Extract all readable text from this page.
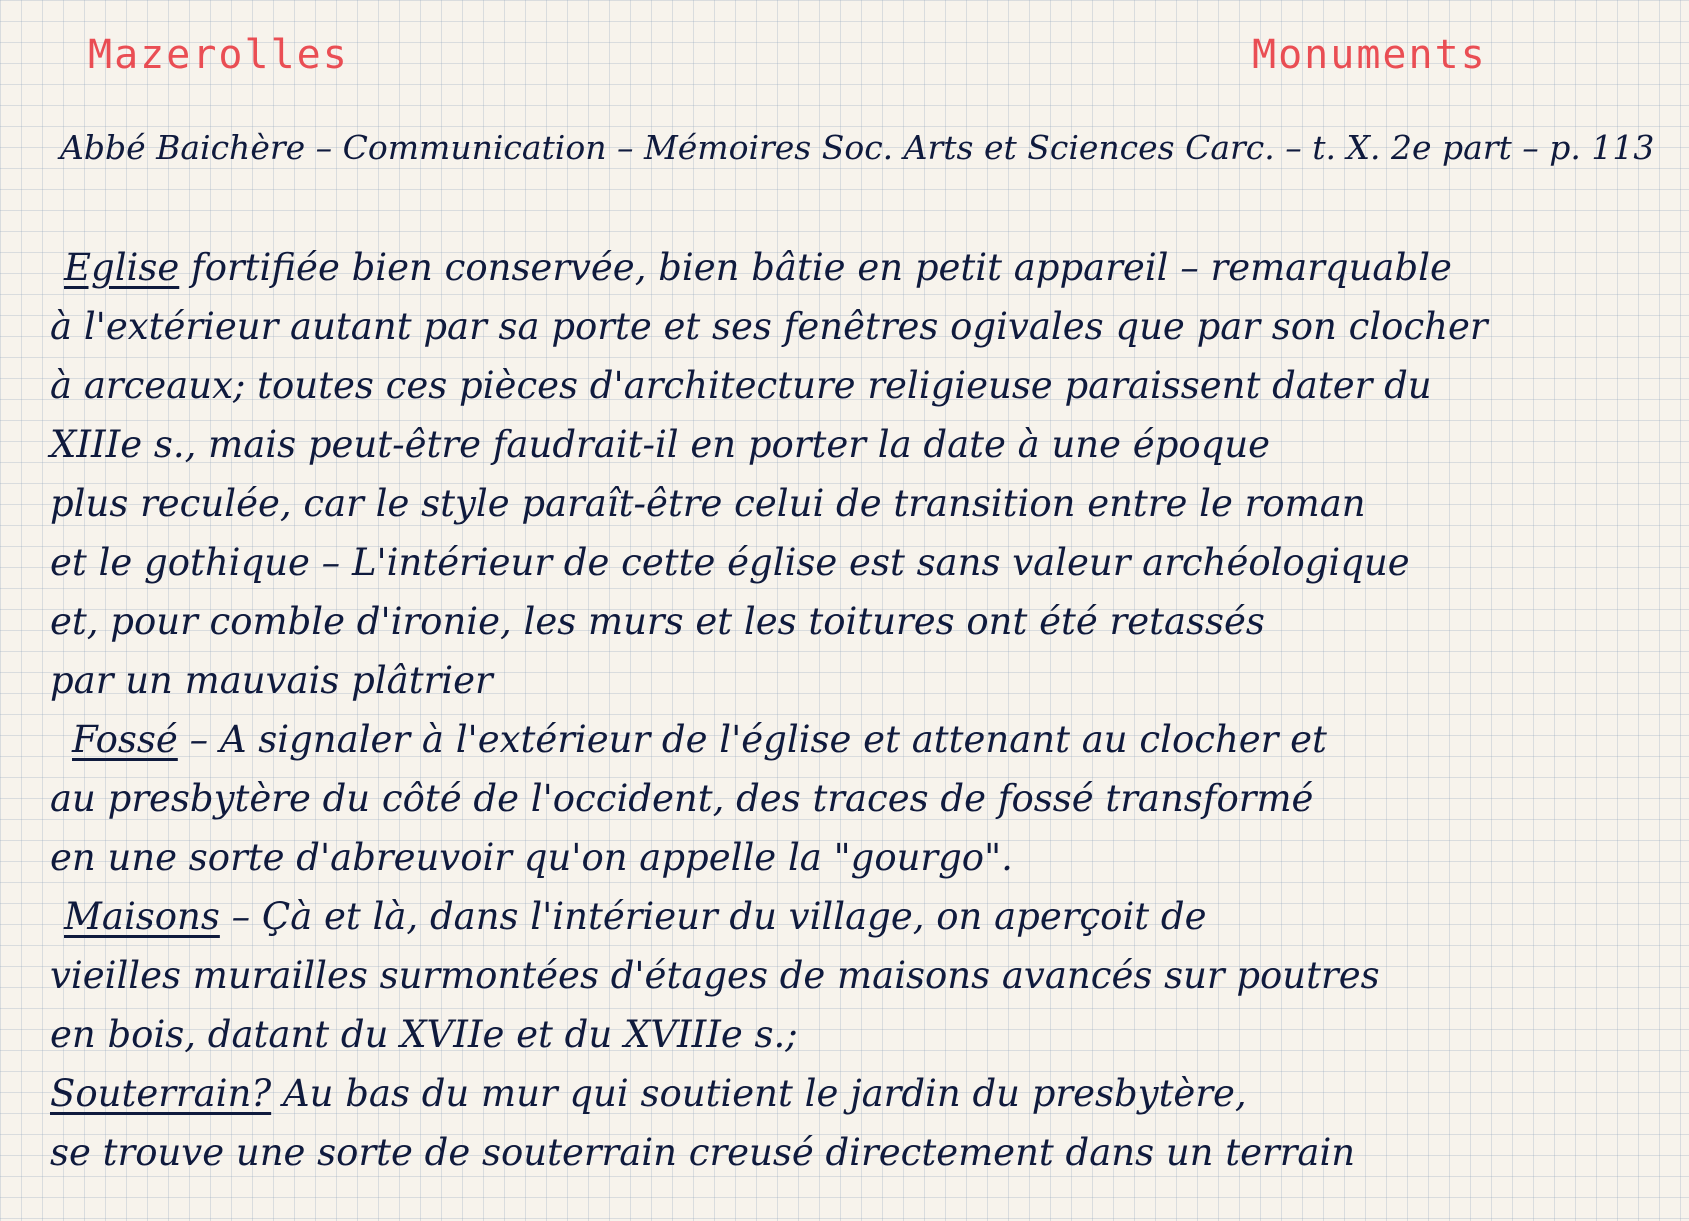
Mazerolles	Monuments
Abbé Baichère – Communication – Mémoires Soc. Arts et Sciences Carc. – t. X. 2e part – p. 113
Eglise fortifiée bien conservée, bien bâtie en petit appareil – remarquable
à l'extérieur autant par sa porte et ses fenêtres ogivales que par son clocher
à arceaux; toutes ces pièces d'architecture religieuse paraissent dater du
XIIIe s., mais peut-être faudrait-il en porter la date à une époque
plus reculée, car le style paraît-être celui de transition entre le roman
et le gothique – L'intérieur de cette église est sans valeur archéologique
et, pour comble d'ironie, les murs et les toitures ont été retassés
par un mauvais plâtrier
Fossé – A signaler à l'extérieur de l'église et attenant au clocher et
au presbytère du côté de l'occident, des traces de fossé transformé
en une sorte d'abreuvoir qu'on appelle la "gourgo".
Maisons – Çà et là, dans l'intérieur du village, on aperçoit de
vieilles murailles surmontées d'étages de maisons avancés sur poutres
en bois, datant du XVIIe et du XVIIIe s.;
Souterrain? Au bas du mur qui soutient le jardin du presbytère,
se trouve une sorte de souterrain creusé directement dans un terrain
